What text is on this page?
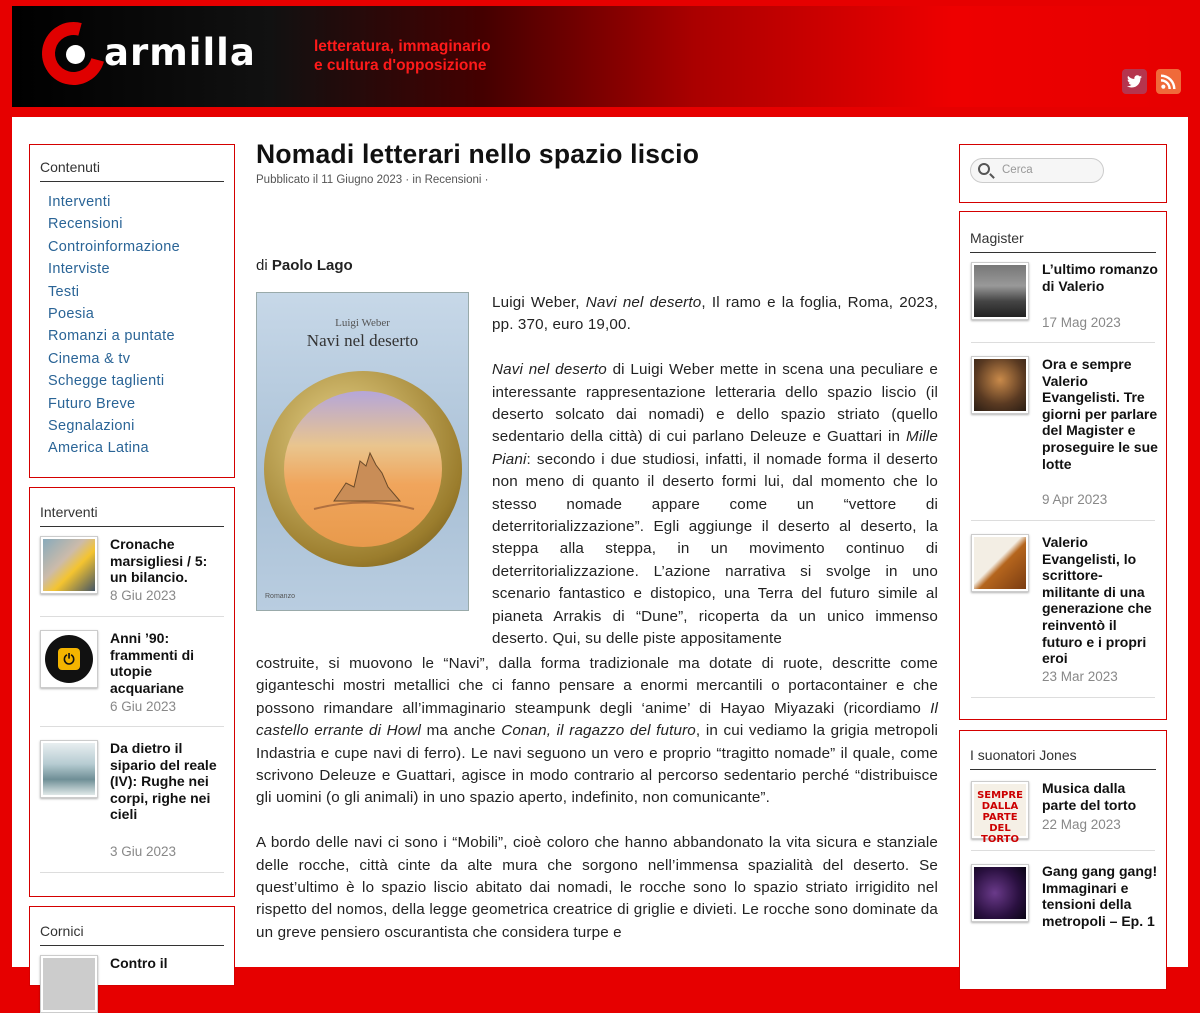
armilla	letteratura, immaginario
e cultura d'opposizione
Contenuti
Interventi
Recensioni
Controinformazione
Interviste
Testi
Poesia
Romanzi a puntate
Cinema & tv
Schegge taglienti
Futuro Breve
Segnalazioni
America Latina
Interventi
Cronache marsigliesi / 5: un bilancio.
8 Giu 2023
⏻
Anni ’90: frammenti di utopie acquariane
6 Giu 2023
Da dietro il sipario del reale (IV): Rughe nei corpi, righe nei cieli
3 Giu 2023
Cornici
Contro il
Nomadi letterari nello spazio liscio
Pubblicato il 11 Giugno 2023 · in Recensioni ·
di Paolo Lago
Luigi Weber
Navi nel deserto
Romanzo

Luigi Weber, Navi nel deserto, Il ramo e la foglia, Roma, 2023, pp. 370, euro 19,00.

Navi nel deserto di Luigi Weber mette in scena una peculiare e interessante rappresentazione letteraria dello spazio liscio (il deserto solcato dai nomadi) e dello spazio striato (quello sedentario della città) di cui parlano Deleuze e Guattari in Mille Piani: secondo i due studiosi, infatti, il nomade forma il deserto non meno di quanto il deserto formi lui, dal momento che lo stesso nomade appare come un “vettore di deterritorializzazione”. Egli aggiunge il deserto al deserto, la steppa alla steppa, in un movimento continuo di deterritorializzazione. L’azione narrativa si svolge in uno scenario fantastico e distopico, una Terra del futuro simile al pianeta Arrakis di “Dune”, ricoperta da un unico immenso deserto. Qui, su delle piste appositamente

costruite, si muovono le “Navi”, dalla forma tradizionale ma dotate di ruote, descritte come giganteschi mostri metallici che ci fanno pensare a enormi mercantili o portacontainer e che possono rimandare all’immaginario steampunk degli ‘anime’ di Hayao Miyazaki (ricordiamo Il castello errante di Howl ma anche Conan, il ragazzo del futuro, in cui vediamo la grigia metropoli Indastria e cupe navi di ferro). Le navi seguono un vero e proprio “tragitto nomade” il quale, come scrivono Deleuze e Guattari, agisce in modo contrario al percorso sedentario perché “distribuisce gli uomini (o gli animali) in uno spazio aperto, indefinito, non comunicante”.

A bordo delle navi ci sono i “Mobili”, cioè coloro che hanno abbandonato la vita sicura e stanziale delle rocche, città cinte da alte mura che sorgono nell’immensa spazialità del deserto. Se quest’ultimo è lo spazio liscio abitato dai nomadi, le rocche sono lo spazio striato irrigidito nel rispetto del nomos, della legge geometrica creatrice di griglie e divieti. Le rocche sono dominate da un greve pensiero oscurantista che considera turpe e

Cerca
Magister
L’ultimo romanzo di Valerio
17 Mag 2023
Ora e sempre Valerio Evangelisti. Tre giorni per parlare del Magister e proseguire le sue lotte
9 Apr 2023
Valerio Evangelisti, lo scrittore-militante di una generazione che reinventò il futuro e i propri eroi
23 Mar 2023
I suonatori Jones
SEMPRE
DALLA
PARTE
DEL TORTO
Musica dalla parte del torto
22 Mag 2023
Gang gang gang! Immaginari e tensioni della metropoli – Ep. 1
